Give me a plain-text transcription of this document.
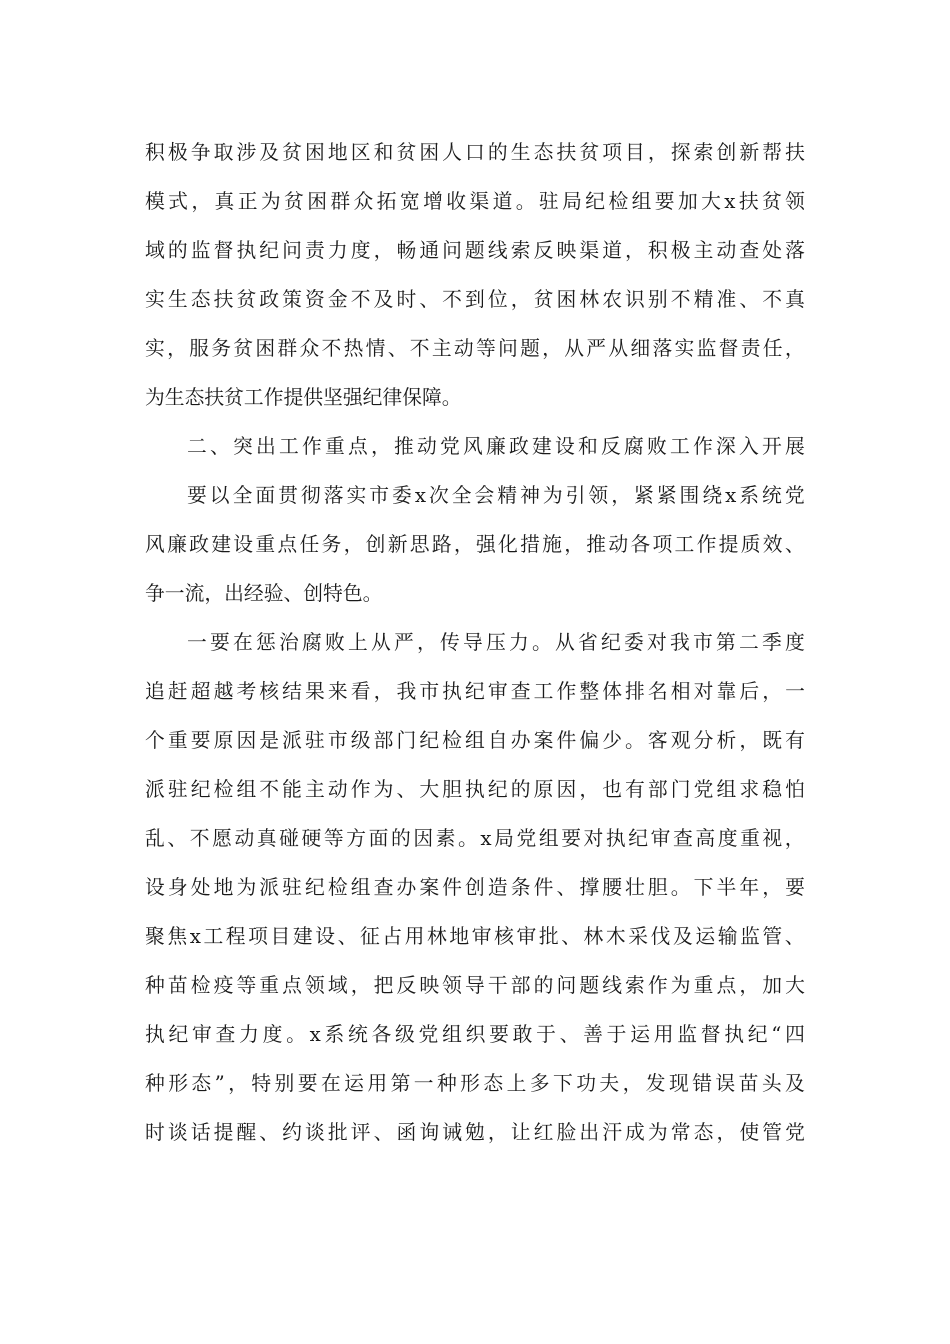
积 极 争 取 涉 及 贫 困 地 区 和 贫 困 人 口 的 生 态 扶 贫 项 目 ， 探 索 创 新 帮 扶
模 式 ， 真 正 为 贫 困 群 众 拓 宽 增 收 渠 道 。 驻 局 纪 检 组 要 加 大 x 扶 贫 领
域 的 监 督 执 纪 问 责 力 度 ， 畅 通 问 题 线 索 反 映 渠 道 ， 积 极 主 动 查 处 落
实 生 态 扶 贫 政 策 资 金 不 及 时 、 不 到 位 ， 贫 困 林 农 识 别 不 精 准 、 不 真
实 ， 服 务 贫 困 群 众 不 热 情 、 不 主 动 等 问 题 ， 从 严 从 细 落 实 监 督 责 任 ，
为生态扶贫工作提供坚强纪律保障。
二 、 突 出 工 作 重 点 ， 推 动 党 风 廉 政 建 设 和 反 腐 败 工 作 深 入 开 展
要 以 全 面 贯 彻 落 实 市 委 x 次 全 会 精 神 为 引 领 ， 紧 紧 围 绕 x 系 统 党
风 廉 政 建 设 重 点 任 务 ， 创 新 思 路 ， 强 化 措 施 ， 推 动 各 项 工 作 提 质 效 、
争一流，出经验、创特色。
一 要 在 惩 治 腐 败 上 从 严 ， 传 导 压 力 。 从 省 纪 委 对 我 市 第 二 季 度
追 赶 超 越 考 核 结 果 来 看 ， 我 市 执 纪 审 查 工 作 整 体 排 名 相 对 靠 后 ， 一
个 重 要 原 因 是 派 驻 市 级 部 门 纪 检 组 自 办 案 件 偏 少 。 客 观 分 析 ， 既 有
派 驻 纪 检 组 不 能 主 动 作 为 、 大 胆 执 纪 的 原 因 ， 也 有 部 门 党 组 求 稳 怕
乱 、 不 愿 动 真 碰 硬 等 方 面 的 因 素 。 x 局 党 组 要 对 执 纪 审 查 高 度 重 视 ，
设 身 处 地 为 派 驻 纪 检 组 查 办 案 件 创 造 条 件 、 撑 腰 壮 胆 。 下 半 年 ， 要
聚 焦 x 工 程 项 目 建 设 、 征 占 用 林 地 审 核 审 批 、 林 木 采 伐 及 运 输 监 管 、
种 苗 检 疫 等 重 点 领 域 ， 把 反 映 领 导 干 部 的 问 题 线 索 作 为 重 点 ， 加 大
执 纪 审 查 力 度 。 x 系 统 各 级 党 组 织 要 敢 于 、 善 于 运 用 监 督 执 纪 “ 四
种 形 态 ” ， 特 别 要 在 运 用 第 一 种 形 态 上 多 下 功 夫 ， 发 现 错 误 苗 头 及
时 谈 话 提 醒 、 约 谈 批 评 、 函 询 诫 勉 ， 让 红 脸 出 汗 成 为 常 态 ， 使 管 党
